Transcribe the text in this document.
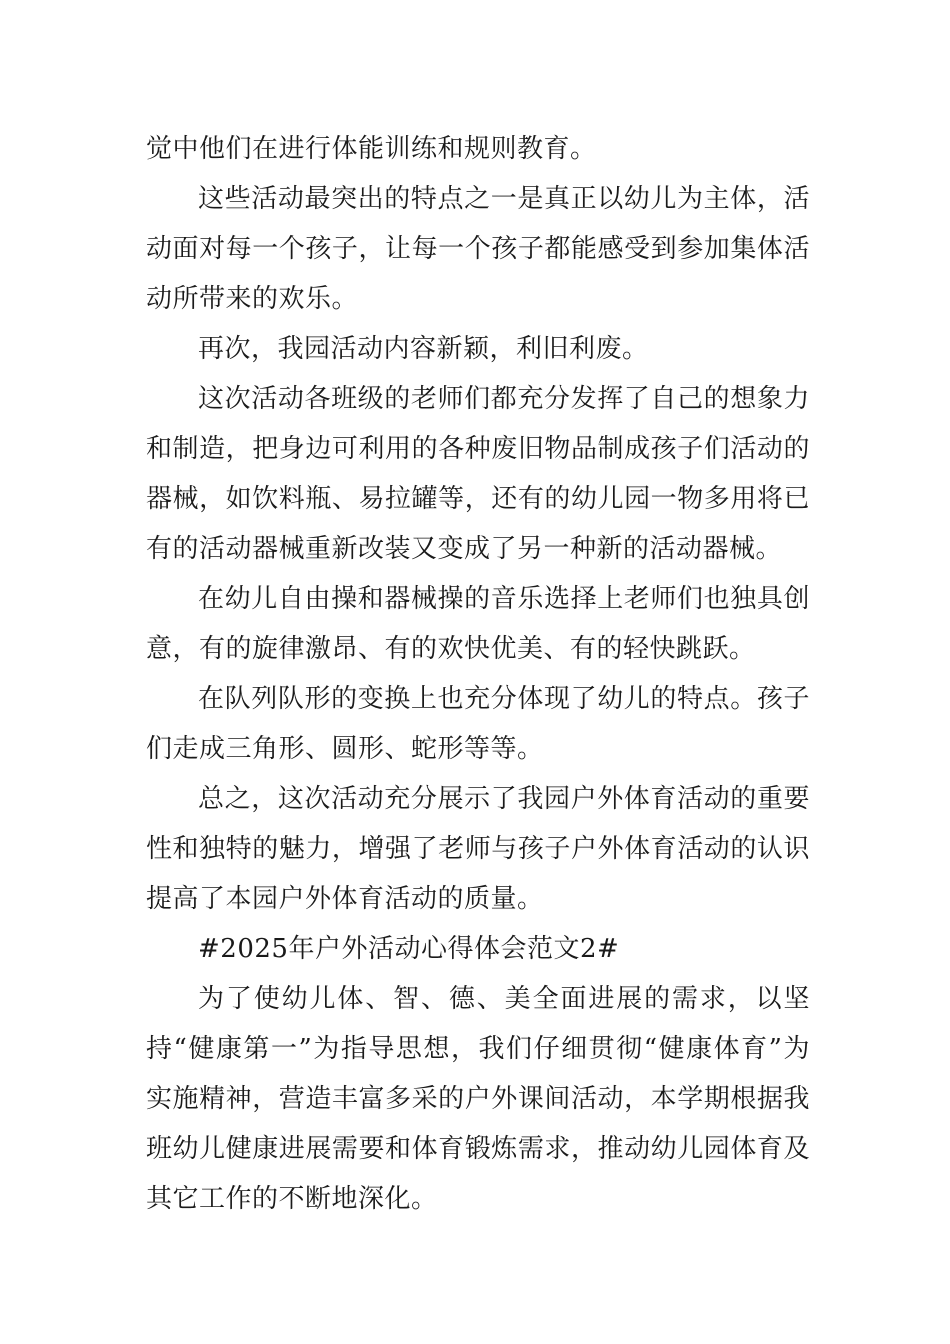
觉中他们在进行体能训练和规则教育。

这些活动最突出的特点之一是真正以幼儿为主体，活动面对每一个孩子，让每一个孩子都能感受到参加集体活动所带来的欢乐。

再次，我园活动内容新颖，利旧利废。

这次活动各班级的老师们都充分发挥了自己的想象力和制造，把身边可利用的各种废旧物品制成孩子们活动的器械，如饮料瓶、易拉罐等，还有的幼儿园一物多用将已有的活动器械重新改装又变成了另一种新的活动器械。

在幼儿自由操和器械操的音乐选择上老师们也独具创意，有的旋律激昂、有的欢快优美、有的轻快跳跃。

在队列队形的变换上也充分体现了幼儿的特点。孩子们走成三角形、圆形、蛇形等等。

总之，这次活动充分展示了我园户外体育活动的重要性和独特的魅力，增强了老师与孩子户外体育活动的认识提高了本园户外体育活动的质量。

#2025年户外活动心得体会范文2#

为了使幼儿体、智、德、美全面进展的需求，以坚持“健康第一”为指导思想，我们仔细贯彻“健康体育”为实施精神，营造丰富多采的户外课间活动，本学期根据我班幼儿健康进展需要和体育锻炼需求，推动幼儿园体育及其它工作的不断地深化。
